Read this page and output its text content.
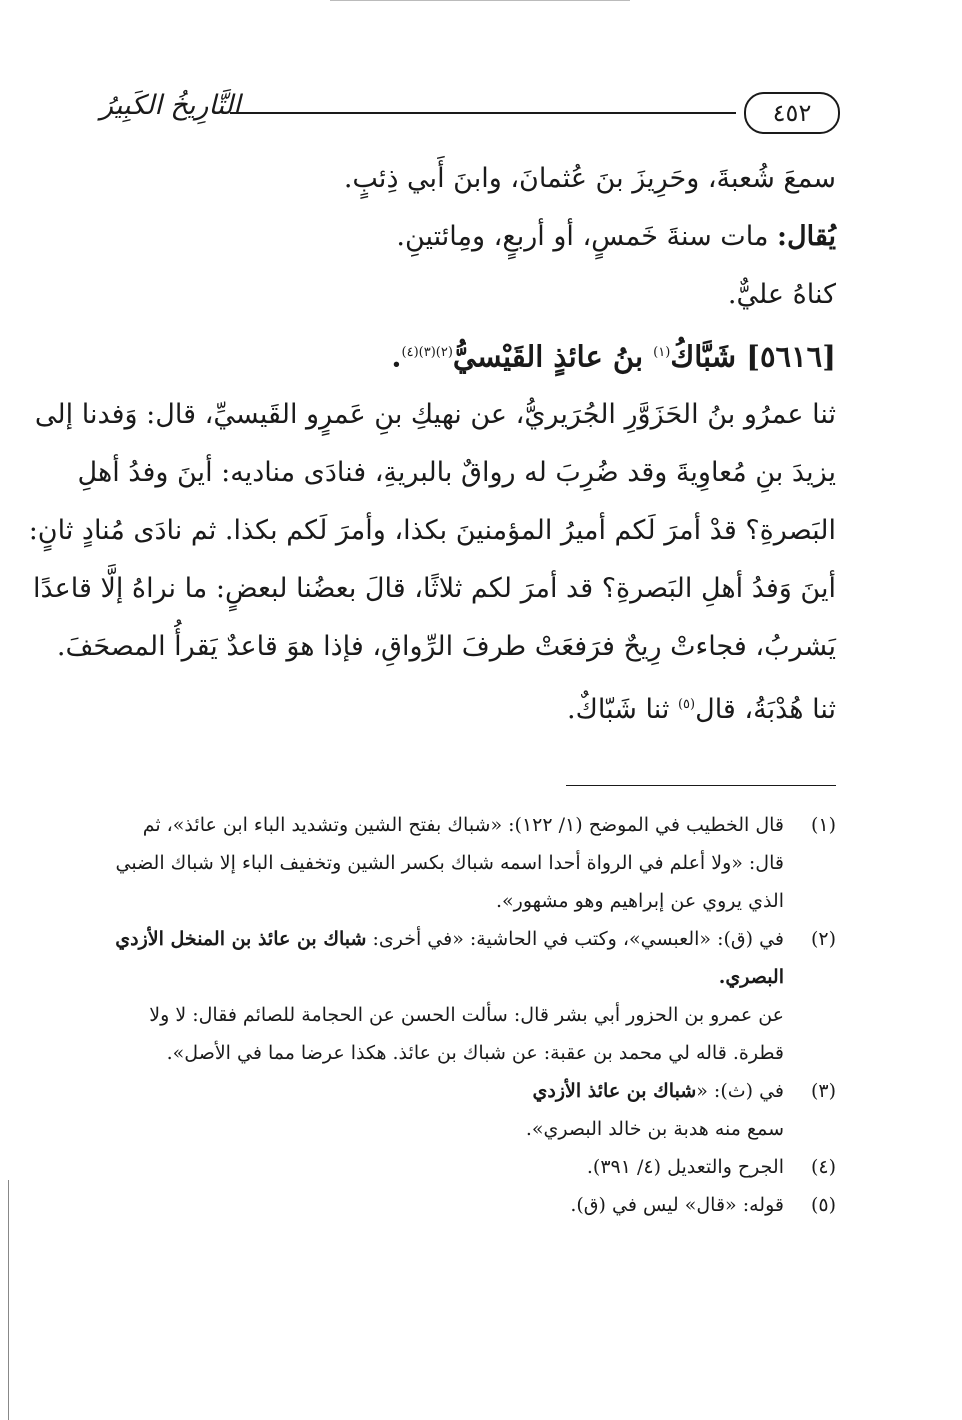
٤٥٢
التَّارِيخُ الكَبِيرُ
سمعَ شُعبةَ، وحَرِيزَ بنَ عُثمانَ، وابنَ أَبي ذِئبٍ.
يُقال: مات سنةَ خَمسٍ، أو أربعٍ، ومِائتينِ.
كناهُ عليٌّ.
[٥٦١٦] شَبَّاكُ$^{(١)}$ بنُ عائذٍ القَيْسيُّ$^{(٢)(٣)(٤)}$.
ثنا عمرُو بنُ الحَزَوَّرِ الجُرَيريُّ، عن نهيكِ بنِ عَمرٍو القَيسيِّ، قال: وَفدنا إلى
يزيدَ بنِ مُعاوِيةَ وقد ضُرِبَ له رواقٌ بالبريةِ، فنادَى مناديه: أينَ وفدُ أهلِ
البَصرةِ؟ قدْ أمرَ لَكم أميرُ المؤمنينَ بكذا، وأمرَ لَكم بكذا. ثم نادَى مُنادٍ ثانٍ:
أينَ وَفدُ أهلِ البَصرةِ؟ قد أمرَ لكم ثلاثًا، قالَ بعضُنا لبعضٍ: ما نراهُ إلَّا قاعدًا
يَشربُ، فجاءتْ رِيحٌ فرَفعَتْ طرفَ الرِّواقِ، فإذا هوَ قاعدٌ يَقرأُ المصحَفَ.
ثنا هُدْبَةُ، قال$^{(٥)}$ ثنا شَبّاكٌ.
(١)
قال الخطيب في الموضح (١/ ١٢٢): «شباك بفتح الشين وتشديد الباء ابن عائذ»، ثم
قال: «ولا أعلم في الرواة أحدا اسمه شباك بكسر الشين وتخفيف الباء إلا شباك الضبي
الذي يروي عن إبراهيم وهو مشهور».
(٢)
في (ق): «العبسي»، وكتب في الحاشية: «في أخرى: شباك بن عائذ بن المنخل الأزدي
البصري.
عن عمرو بن الحزور أبي بشر قال: سألت الحسن عن الحجامة للصائم فقال: لا ولا
قطرة. قاله لي محمد بن عقبة: عن شباك بن عائذ. هكذا عرضا مما في الأصل».
(٣)
في (ث): «شباك بن عائذ الأزدي
سمع منه هدبة بن خالد البصري».
(٤)
الجرح والتعديل (٤/ ٣٩١).
(٥)
قوله: «قال» ليس في (ق).
